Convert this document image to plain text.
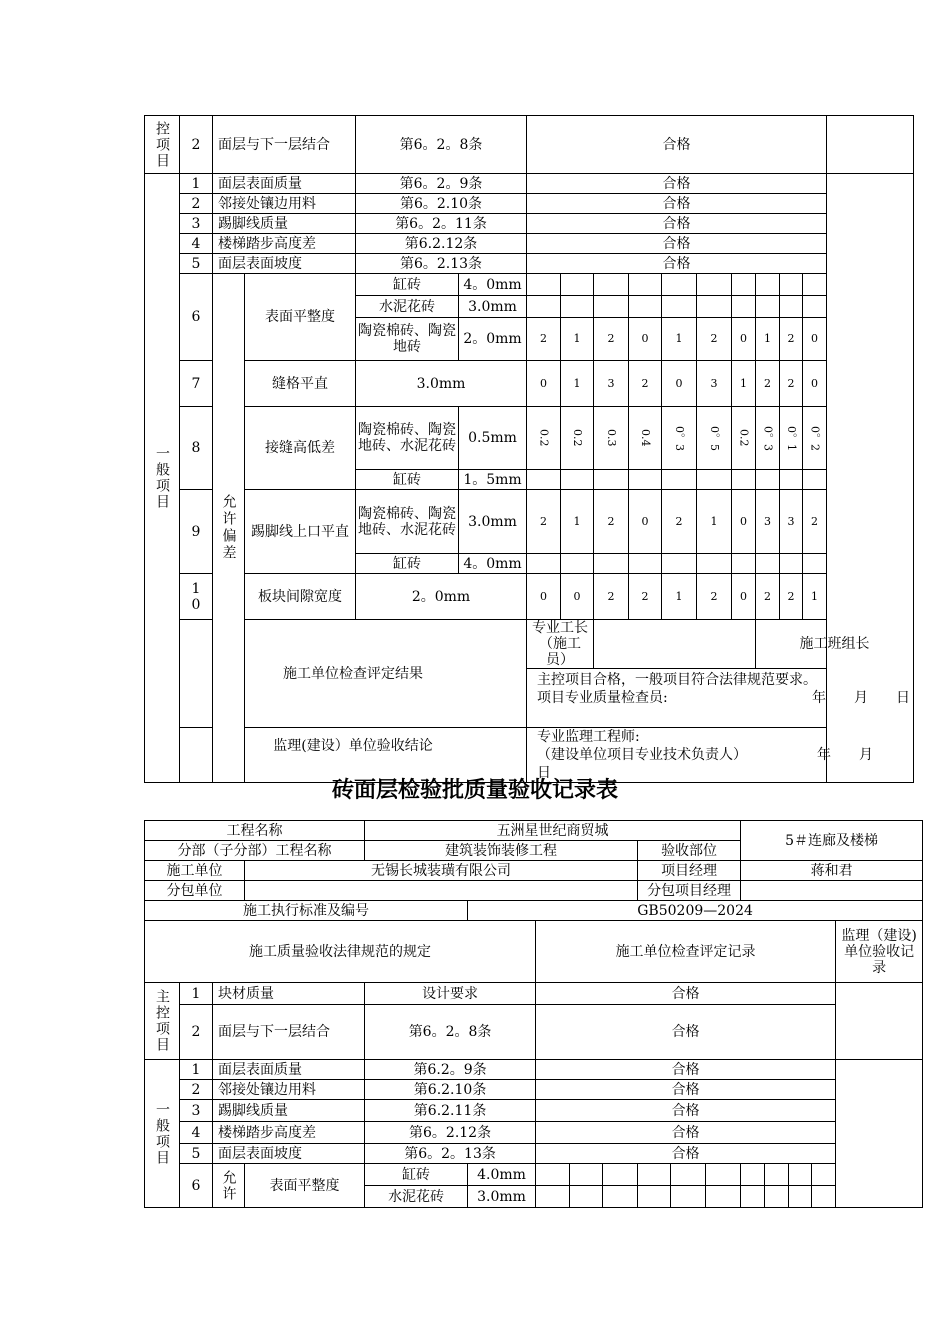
控项目	2	面层与下一层结合		第6。2。8条		合格											
一般项目	1	面层表面质量		第6。2。9条		合格											
	2	邻接处镶边用料		第6。2.10条		合格											
	3	踢脚线质量		第6。2。11条		合格											
	4	楼梯踏步高度差		第6.2.12条		合格											
	5	面层表面坡度		第6。2.13条		合格											
	6	允许偏差	表面平整度	缸砖	4。0mm												
				水泥花砖	3.0mm												
				陶瓷棉砖、陶瓷地砖	2。0mm	2	1	2	0	1	2	0	1	2	0		
	7		缝格平直	3.0mm		0	1	3	2	0	3	1	2	2	0		
	8		接缝高低差	陶瓷棉砖、陶瓷地砖、水泥花砖	0.5mm	0.2	0.2	0.3	0.4	0。3	0。5	0.2	0。3	0。1	0。2		
				缸砖	1。5mm												
	9		踢脚线上口平直	陶瓷棉砖、陶瓷地砖、水泥花砖	3.0mm	2	1	2	0	2	1	0	3	3	2		
				缸砖	4。0mm												
	10		板块间隙宽度	2。0mm		0	0	2	2	1	2	0	2	2	1		
	施工单位检查评定结果					专业工长（施工员）							施工班组长				

						主控项目合格，一般项目符合法律规范要求。
项目专业质量检查员: 年　　月　　日											

	监理(建设）单位验收结论					专业监理工程师:
（建设单位项目专业技术负责人） 年　　月　　日											
砖面层检验批质量验收记录表
工程名称				五洲星世纪商贸城								5＃连廊及楼梯				
分部（子分部）工程名称				建筑装饰装修工程					验收部位							
施工单位			无锡长城装璜有限公司						项目经理			蒋和君				
分包单位									分包项目经理							
施工执行标准及编号					GB50209—2024											
施工质量验收法律规范的规定						施工单位检查评定记录										监理（建设)单位验收记录
主控项目	1	块材质量		设计要求		合格										
	2	面层与下一层结合		第6。2。8条		合格										
一般项目	1	面层表面质量		第6.2。9条		合格										
	2	邻接处镶边用料		第6.2.10条		合格										
	3	踢脚线质量		第6.2.11条		合格										
	4	楼梯踏步高度差		第6。2.12条		合格										
	5	面层表面坡度		第6。2。13条		合格										
	6	允许	表面平整度	缸砖	4.0mm											
				水泥花砖	3.0mm											
